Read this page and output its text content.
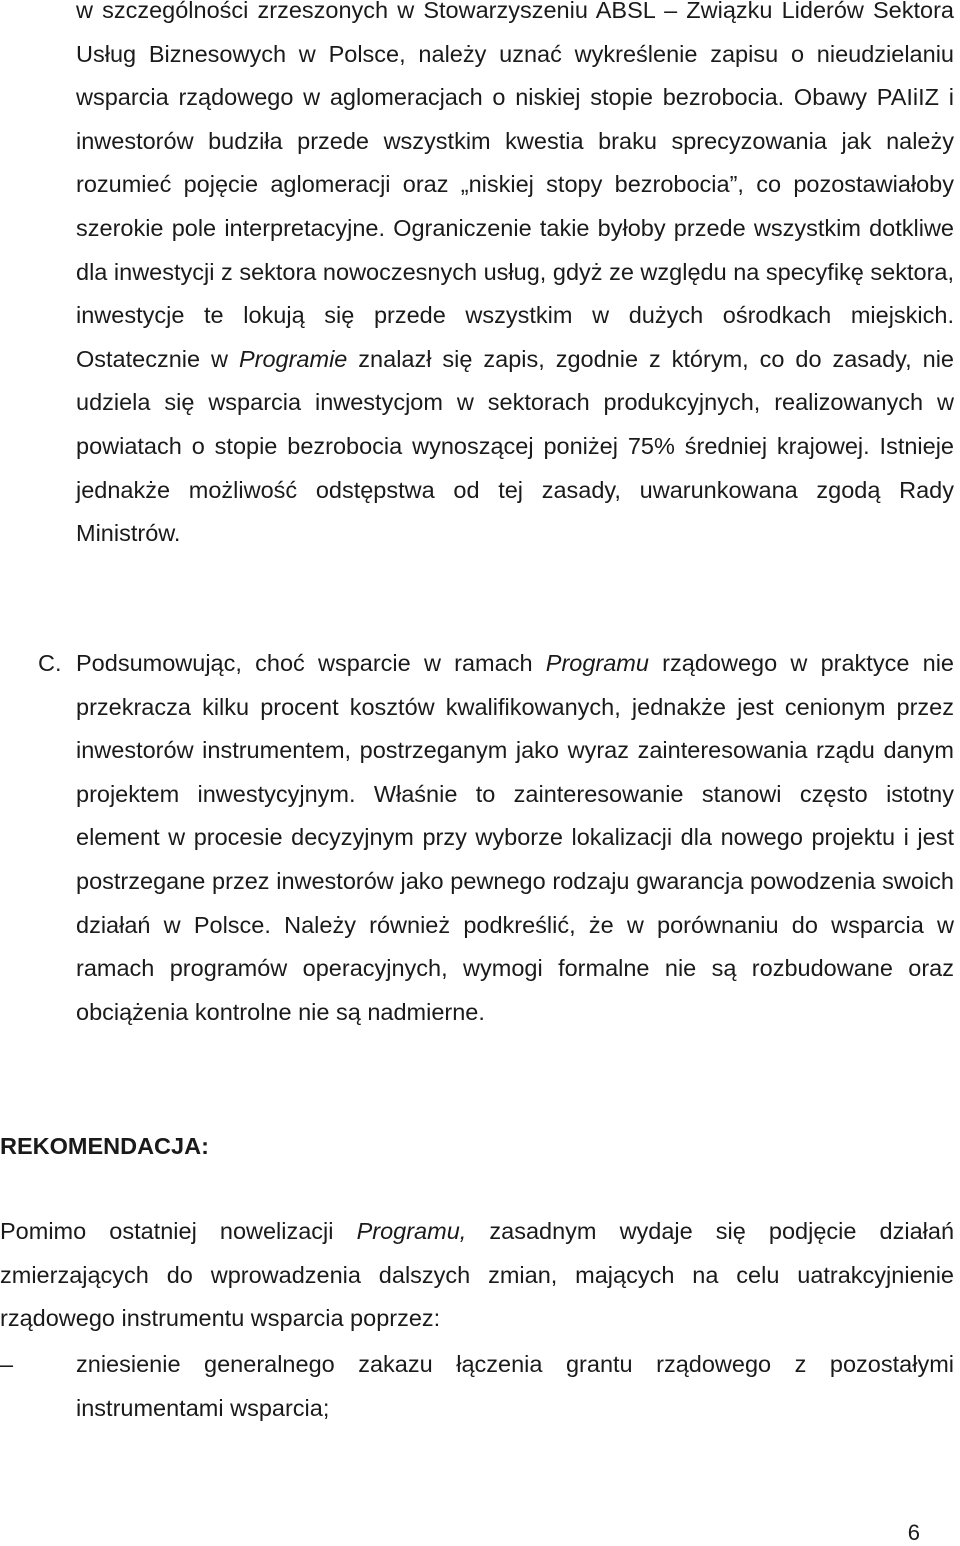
w szczególności zrzeszonych w Stowarzyszeniu ABSL – Związku Liderów Sektora Usług Biznesowych w Polsce, należy uznać wykreślenie zapisu o nieudzielaniu wsparcia rządowego w aglomeracjach o niskiej stopie bezrobocia. Obawy PAIiIZ i inwestorów budziła przede wszystkim kwestia braku sprecyzowania jak należy rozumieć pojęcie aglomeracji oraz „niskiej stopy bezrobocia”, co pozostawiałoby szerokie pole interpretacyjne. Ograniczenie takie byłoby przede wszystkim dotkliwe dla inwestycji z sektora nowoczesnych usług, gdyż ze względu na specyfikę sektora, inwestycje te lokują się przede wszystkim w dużych ośrodkach miejskich. Ostatecznie w Programie znalazł się zapis, zgodnie z którym, co do zasady, nie udziela się wsparcia inwestycjom w sektorach produkcyjnych, realizowanych w powiatach o stopie bezrobocia wynoszącej poniżej 75% średniej krajowej. Istnieje jednakże możliwość odstępstwa od tej zasady, uwarunkowana zgodą Rady Ministrów.
C. Podsumowując, choć wsparcie w ramach Programu rządowego w praktyce nie przekracza kilku procent kosztów kwalifikowanych, jednakże jest cenionym przez inwestorów instrumentem, postrzeganym jako wyraz zainteresowania rządu danym projektem inwestycyjnym. Właśnie to zainteresowanie stanowi często istotny element w procesie decyzyjnym przy wyborze lokalizacji dla nowego projektu i jest postrzegane przez inwestorów jako pewnego rodzaju gwarancja powodzenia swoich działań w Polsce. Należy również podkreślić, że w porównaniu do wsparcia w ramach programów operacyjnych, wymogi formalne nie są rozbudowane oraz obciążenia kontrolne nie są nadmierne.
REKOMENDACJA:
Pomimo ostatniej nowelizacji Programu, zasadnym wydaje się podjęcie działań zmierzających do wprowadzenia dalszych zmian, mających na celu uatrakcyjnienie rządowego instrumentu wsparcia poprzez:
–	zniesienie generalnego zakazu łączenia grantu rządowego z pozostałymi instrumentami wsparcia;
6
